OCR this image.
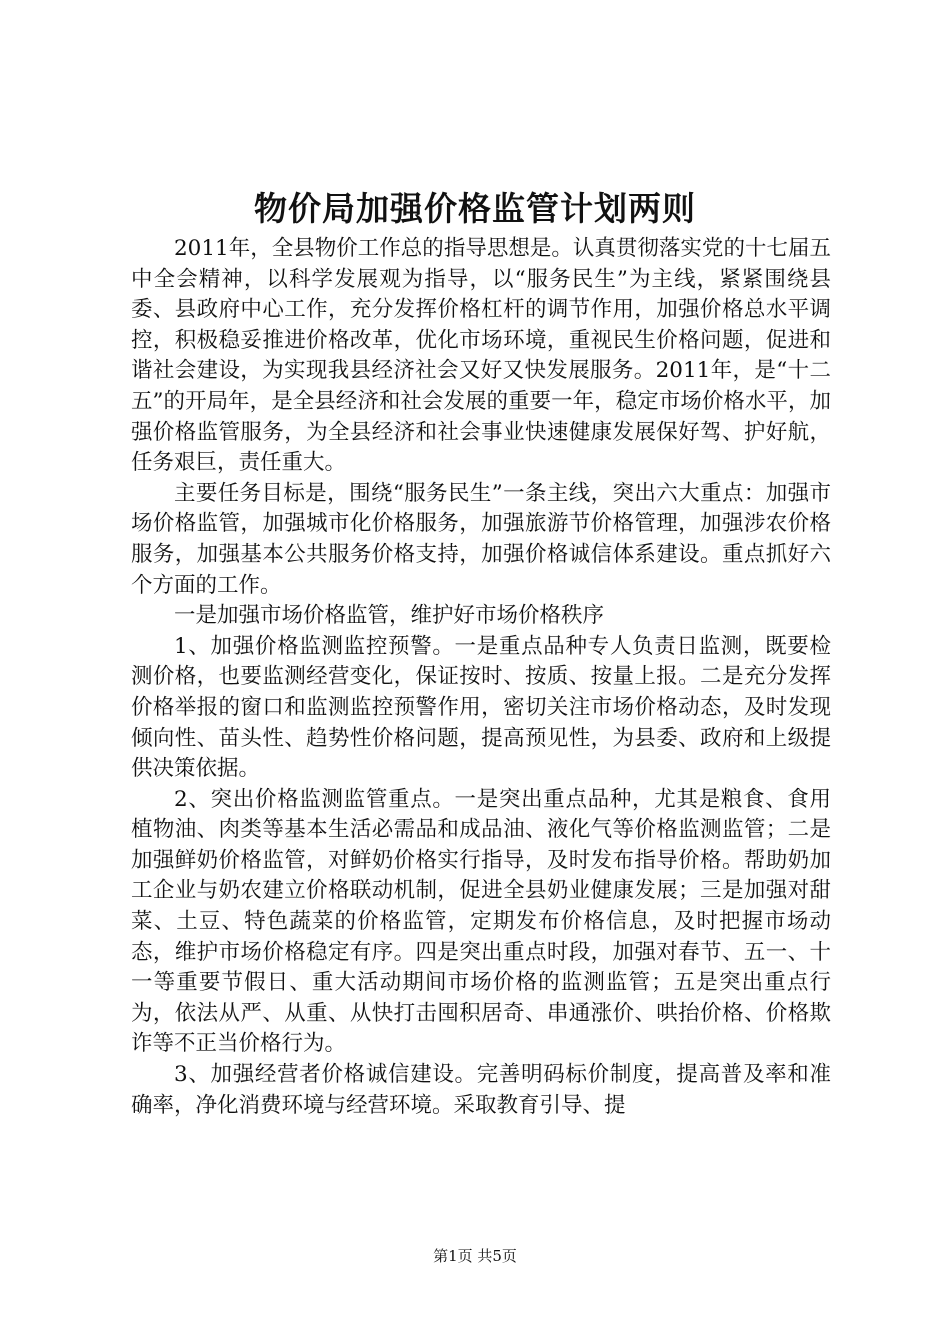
物价局加强价格监管计划两则

2011年，全县物价工作总的指导思想是。认真贯彻落实党的十七届五中全会精神，以科学发展观为指导，以“服务民生”为主线，紧紧围绕县委、县政府中心工作，充分发挥价格杠杆的调节作用，加强价格总水平调控，积极稳妥推进价格改革，优化市场环境，重视民生价格问题，促进和谐社会建设，为实现我县经济社会又好又快发展服务。2011年，是“十二五”的开局年，是全县经济和社会发展的重要一年，稳定市场价格水平，加强价格监管服务，为全县经济和社会事业快速健康发展保好驾、护好航，任务艰巨，责任重大。

主要任务目标是，围绕“服务民生”一条主线，突出六大重点：加强市场价格监管，加强城市化价格服务，加强旅游节价格管理，加强涉农价格服务，加强基本公共服务价格支持，加强价格诚信体系建设。重点抓好六个方面的工作。

一是加强市场价格监管，维护好市场价格秩序

1、加强价格监测监控预警。一是重点品种专人负责日监测，既要检测价格，也要监测经营变化，保证按时、按质、按量上报。二是充分发挥价格举报的窗口和监测监控预警作用，密切关注市场价格动态，及时发现倾向性、苗头性、趋势性价格问题，提高预见性，为县委、政府和上级提供决策依据。

2、突出价格监测监管重点。一是突出重点品种，尤其是粮食、食用植物油、肉类等基本生活必需品和成品油、液化气等价格监测监管；二是加强鲜奶价格监管，对鲜奶价格实行指导，及时发布指导价格。帮助奶加工企业与奶农建立价格联动机制，促进全县奶业健康发展；三是加强对甜菜、土豆、特色蔬菜的价格监管，定期发布价格信息，及时把握市场动态，维护市场价格稳定有序。四是突出重点时段，加强对春节、五一、十一等重要节假日、重大活动期间市场价格的监测监管；五是突出重点行为，依法从严、从重、从快打击囤积居奇、串通涨价、哄抬价格、价格欺诈等不正当价格行为。

3、加强经营者价格诚信建设。完善明码标价制度，提高普及率和准确率，净化消费环境与经营环境。采取教育引导、提

第1页 共5页
